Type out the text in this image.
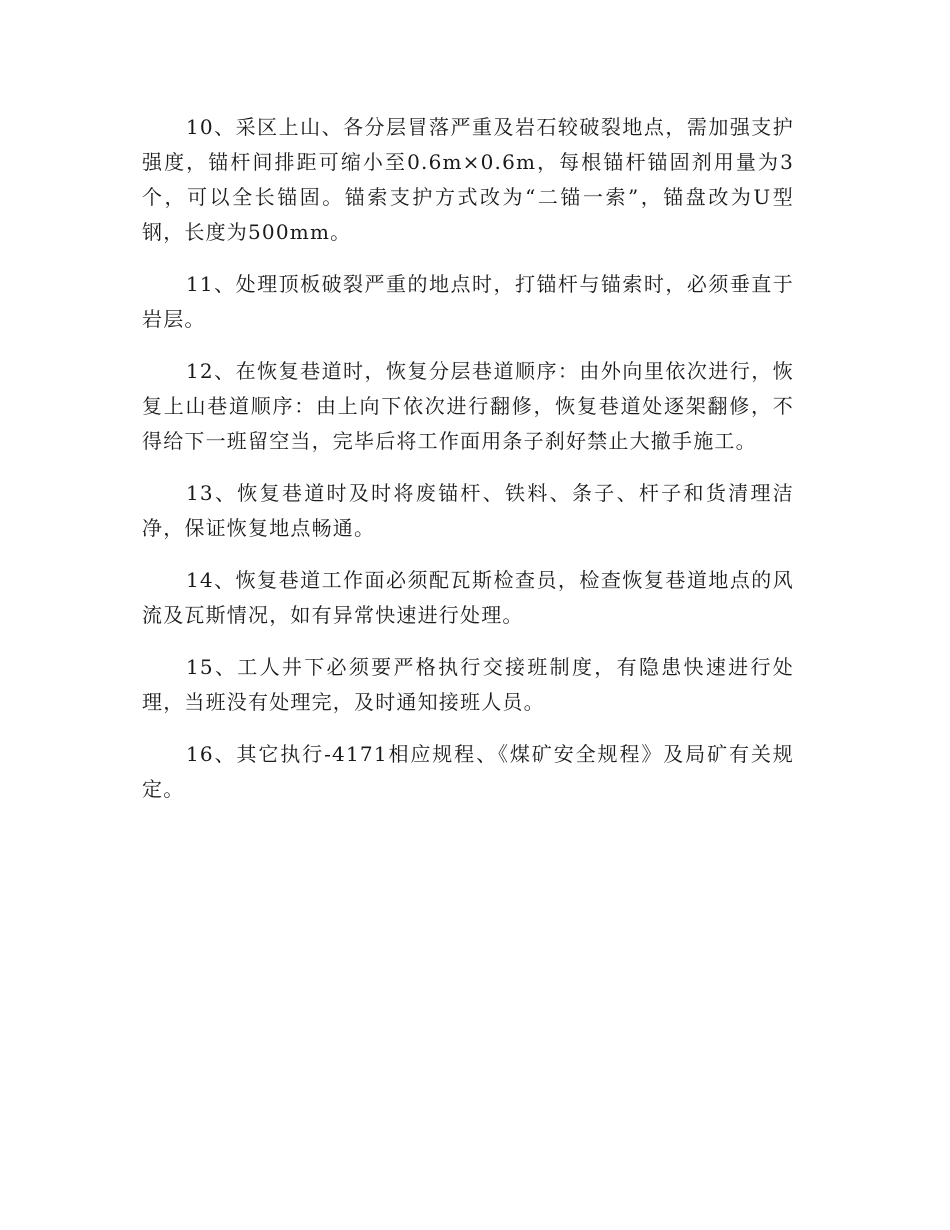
10、采区上山、各分层冒落严重及岩石较破裂地点，需加强支护强度，锚杆间排距可缩小至0.6m×0.6m，每根锚杆锚固剂用量为3个，可以全长锚固。锚索支护方式改为“二锚一索”，锚盘改为U型钢，长度为500mm。

11、处理顶板破裂严重的地点时，打锚杆与锚索时，必须垂直于岩层。

12、在恢复巷道时，恢复分层巷道顺序：由外向里依次进行，恢复上山巷道顺序：由上向下依次进行翻修，恢复巷道处逐架翻修，不得给下一班留空当，完毕后将工作面用条子刹好禁止大撤手施工。

13、恢复巷道时及时将废锚杆、铁料、条子、杆子和货清理洁净，保证恢复地点畅通。

14、恢复巷道工作面必须配瓦斯检查员，检查恢复巷道地点的风流及瓦斯情况，如有异常快速进行处理。

15、工人井下必须要严格执行交接班制度，有隐患快速进行处理，当班没有处理完，及时通知接班人员。

16、其它执行-4171相应规程、《煤矿安全规程》及局矿有关规定。
